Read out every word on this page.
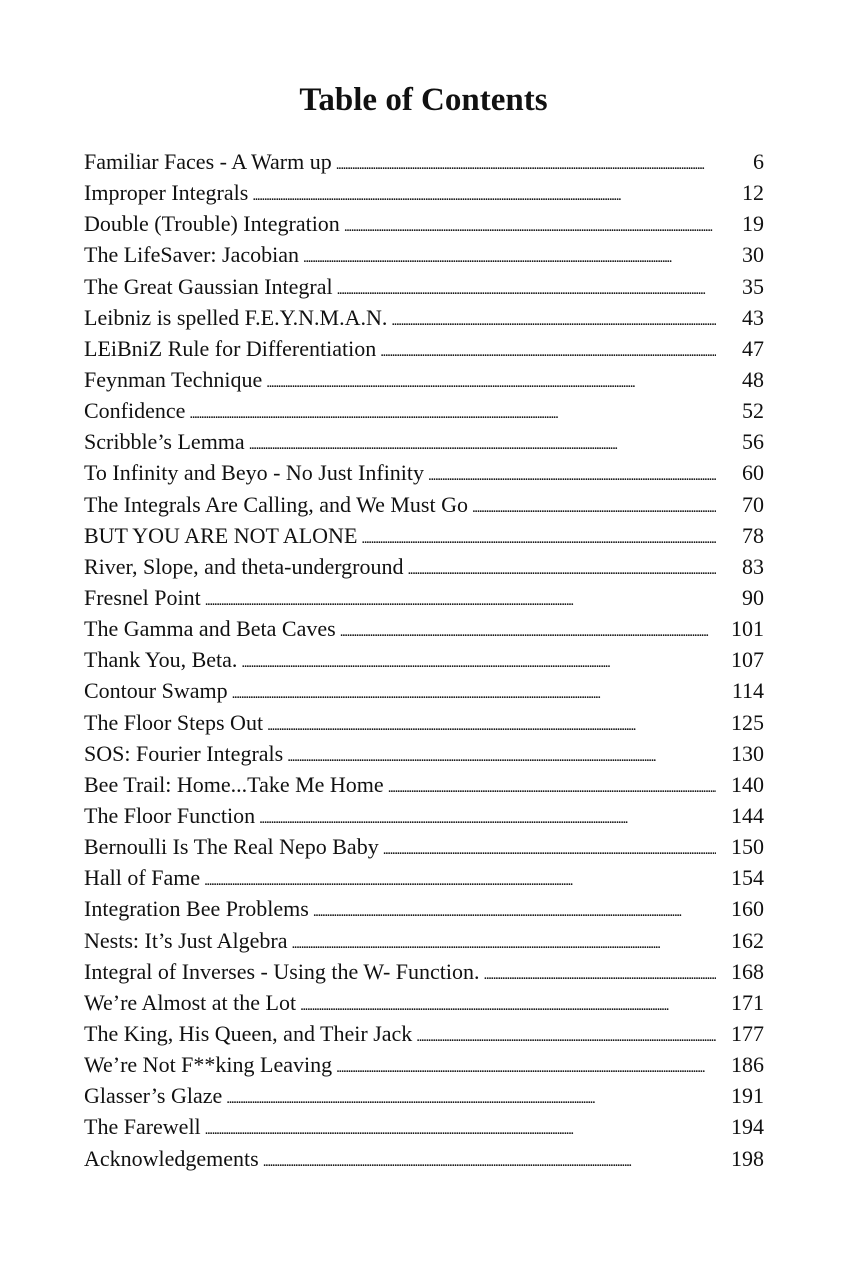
Table of Contents
Familiar Faces - A Warm up . . .	6
Improper Integrals . . .	12
Double (Trouble) Integration . . .	19
The LifeSaver: Jacobian . . .	30
The Great Gaussian Integral . . .	35
Leibniz is spelled F.E.Y.N.M.A.N. . . .	43
LEiBniZ Rule for Differentiation . . .	47
Feynman Technique . . .	48
Confidence . . .	52
Scribble’s Lemma . . .	56
To Infinity and Beyo - No Just Infinity . . .	60
The Integrals Are Calling, and We Must Go . . .	70
BUT YOU ARE NOT ALONE . . .	78
River, Slope, and theta-underground . . .	83
Fresnel Point . . .	90
The Gamma and Beta Caves . . .	101
Thank You, Beta. . . .	107
Contour Swamp . . .	114
The Floor Steps Out . . .	125
SOS: Fourier Integrals . . .	130
Bee Trail: Home...Take Me Home . . .	140
The Floor Function . . .	144
Bernoulli Is The Real Nepo Baby . . .	150
Hall of Fame . . .	154
Integration Bee Problems . . .	160
Nests: It’s Just Algebra . . .	162
Integral of Inverses - Using the W- Function. . . .	168
We’re Almost at the Lot . . .	171
The King, His Queen, and Their Jack . . .	177
We’re Not F**king Leaving . . .	186
Glasser’s Glaze . . .	191
The Farewell . . .	194
Acknowledgements . . .	198
